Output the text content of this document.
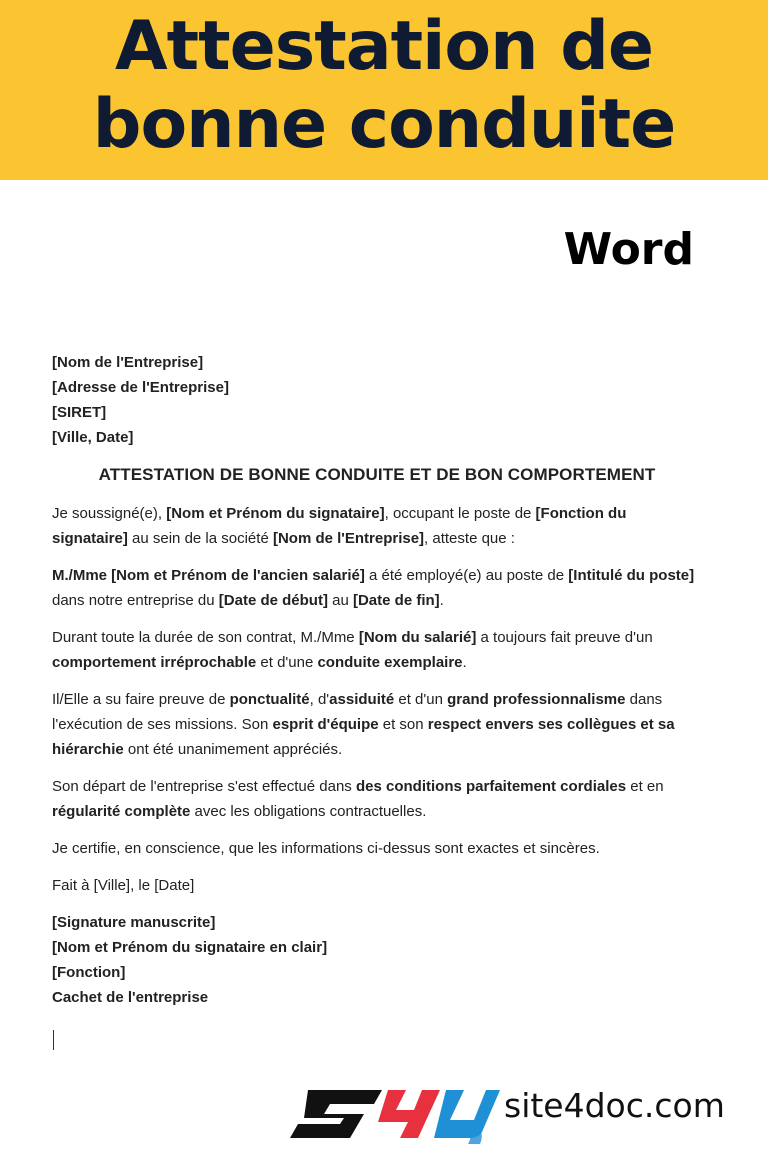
Attestation de
bonne conduite
Word
[Nom de l'Entreprise]
[Adresse de l'Entreprise]
[SIRET]
[Ville, Date]
ATTESTATION DE BONNE CONDUITE ET DE BON COMPORTEMENT

Je soussigné(e), [Nom et Prénom du signataire], occupant le poste de [Fonction du signataire] au sein de la société [Nom de l'Entreprise], atteste que :

M./Mme [Nom et Prénom de l'ancien salarié] a été employé(e) au poste de [Intitulé du poste] dans notre entreprise du [Date de début] au [Date de fin].

Durant toute la durée de son contrat, M./Mme [Nom du salarié] a toujours fait preuve d'un comportement irréprochable et d'une conduite exemplaire.

Il/Elle a su faire preuve de ponctualité, d'assiduité et d'un grand professionnalisme dans l'exécution de ses missions. Son esprit d'équipe et son respect envers ses collègues et sa hiérarchie ont été unanimement appréciés.

Son départ de l'entreprise s'est effectué dans des conditions parfaitement cordiales et en régularité complète avec les obligations contractuelles.

Je certifie, en conscience, que les informations ci-dessus sont exactes et sincères.

Fait à [Ville], le [Date]

[Signature manuscrite]
[Nom et Prénom du signataire en clair]
[Fonction]
Cachet de l'entreprise
site4doc.com
